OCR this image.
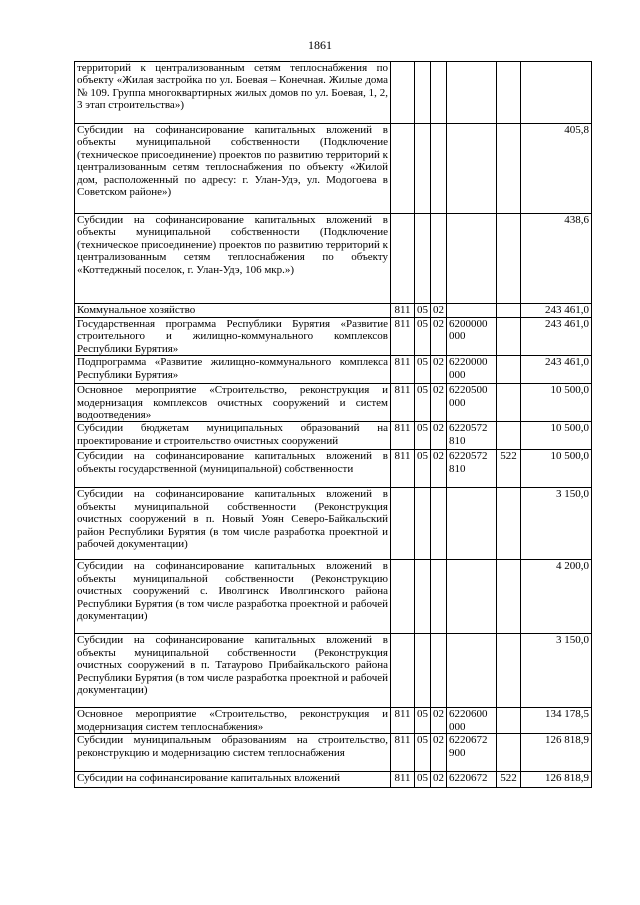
1861
территорий к централизованным сетям теплоснабжения по объекту «Жилая застройка по ул. Боевая – Конечная. Жилые дома № 109. Группа многоквартирных жилых домов по ул. Боевая, 1, 2, 3 этап строительства»)						
Субсидии на софинансирование капитальных вложений в объекты муниципальной собственности (Подключение (техническое присоединение) проектов по развитию территорий к централизованным сетям теплоснабжения по объекту «Жилой дом, расположенный по адресу: г. Улан-Удэ, ул. Модогоева в Советском районе»)						405,8
Субсидии на софинансирование капитальных вложений в объекты муниципальной собственности (Подключение (техническое присоединение) проектов по развитию территорий к централизованным сетям теплоснабжения по объекту «Коттеджный поселок, г. Улан-Удэ, 106 мкр.»)						438,6
Коммунальное хозяйство	811	05	02			243 461,0
Государственная программа Республики Бурятия «Развитие строительного и жилищно-коммунального комплексов Республики Бурятия»	811	05	02	6200000 000		243 461,0
Подпрограмма «Развитие жилищно-коммунального комплекса Республики Бурятия»	811	05	02	6220000 000		243 461,0
Основное мероприятие «Строительство, реконструкция и модернизация комплексов очистных сооружений и систем водоотведения»	811	05	02	6220500 000		10 500,0
Субсидии бюджетам муниципальных образований на проектирование и строительство очистных сооружений	811	05	02	6220572 810		10 500,0
Субсидии на софинансирование капитальных вложений в объекты государственной (муниципальной) собственности	811	05	02	6220572 810	522	10 500,0
Субсидии на софинансирование капитальных вложений в объекты муниципальной собственности (Реконструкция очистных сооружений в п. Новый Уоян Северо-Байкальский район Республики Бурятия (в том числе разработка проектной и рабочей документации)						3 150,0
Субсидии на софинансирование капитальных вложений в объекты муниципальной собственности (Реконструкцию очистных сооружений с. Иволгинск Иволгинского района Республики Бурятия (в том числе разработка проектной и рабочей документации)						4 200,0
Субсидии на софинансирование капитальных вложений в объекты муниципальной собственности (Реконструкция очистных сооружений в п. Татаурово Прибайкальского района Республики Бурятия (в том числе разработка проектной и рабочей документации)						3 150,0
Основное мероприятие «Строительство, реконструкция и модернизация систем теплоснабжения»	811	05	02	6220600 000		134 178,5
Субсидии муниципальным образованиям на строительство, реконструкцию и модернизацию систем теплоснабжения	811	05	02	6220672 900		126 818,9
Субсидии на софинансирование капитальных вложений	811	05	02	6220672	522	126 818,9
